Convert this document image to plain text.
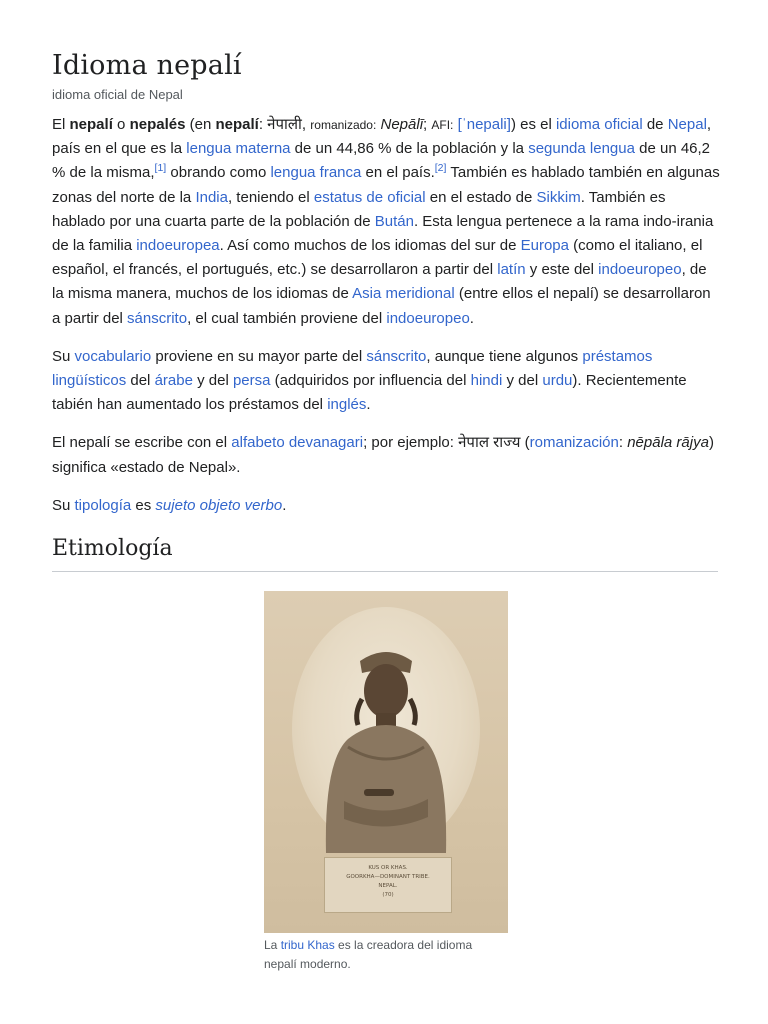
Idioma nepalí
idioma oficial de Nepal

El nepalí o nepalés (en nepalí: नेपाली, romanizado: Nepālī; AFI: [ˈnepali]) es el idioma oficial de Nepal, país en el que es la lengua materna de un 44,86 % de la población y la segunda lengua de un 46,2 % de la misma,[1] obrando como lengua franca en el país.[2] También es hablado también en algunas zonas del norte de la India, teniendo el estatus de oficial en el estado de Sikkim. También es hablado por una cuarta parte de la población de Bután. Esta lengua pertenece a la rama indo-irania de la familia indoeuropea. Así como muchos de los idiomas del sur de Europa (como el italiano, el español, el francés, el portugués, etc.) se desarrollaron a partir del latín y este del indoeuropeo, de la misma manera, muchos de los idiomas de Asia meridional (entre ellos el nepalí) se desarrollaron a partir del sánscrito, el cual también proviene del indoeuropeo.

Su vocabulario proviene en su mayor parte del sánscrito, aunque tiene algunos préstamos lingüísticos del árabe y del persa (adquiridos por influencia del hindi y del urdu). Recientemente tabién han aumentado los préstamos del inglés.

El nepalí se escribe con el alfabeto devanagari; por ejemplo: नेपाल राज्य (romanización: nēpāla rājya) significa «estado de Nepal».

Su tipología es sujeto objeto verbo.

Etimología
KUS OR KHAS.
GOORKHA—DOMINANT TRIBE.
NEPAL.
(70)
La tribu Khas es la creadora del idioma nepalí moderno.
